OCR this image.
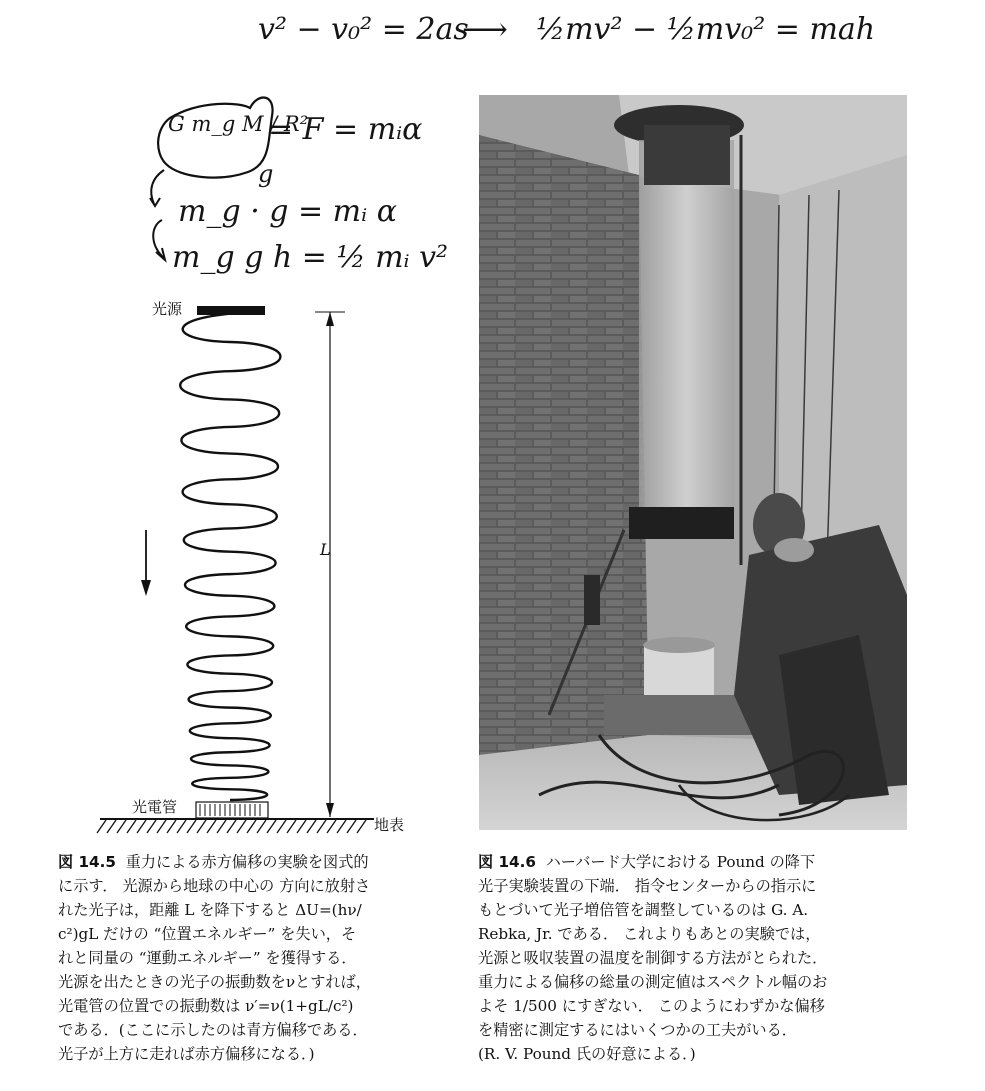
v² − v₀² = 2as
⟶ ½mv² − ½mv₀² = mah
G m_g M / R²
g
= F = mᵢα
m_g · g = mᵢ α
m_g g h = ½ mᵢ v²
光源
L
光電管
地表
図 14.5 重力による赤方偏移の実験を図式的
に示す． 光源から地球の中心の 方向に放射さ
れた光子は，距離 L を降下すると ΔU=(hν/
c²)gL だけの “位置エネルギー” を失い，そ
れと同量の “運動エネルギー” を獲得する．
光源を出たときの光子の振動数をνとすれば，
光電管の位置での振動数は ν′=ν(1+gL/c²)
である．(ここに示したのは青方偏移である．
光子が上方に走れば赤方偏移になる．)
図 14.6 ハーバード大学における Pound の降下
光子実験装置の下端． 指令センターからの指示に
もとづいて光子増倍管を調整しているのは G. A.
Rebka, Jr. である． これよりもあとの実験では，
光源と吸収装置の温度を制御する方法がとられた．
重力による偏移の総量の測定値はスペクトル幅のお
よそ 1/500 にすぎない． このようにわずかな偏移
を精密に測定するにはいくつかの工夫がいる．
(R. V. Pound 氏の好意による．)
